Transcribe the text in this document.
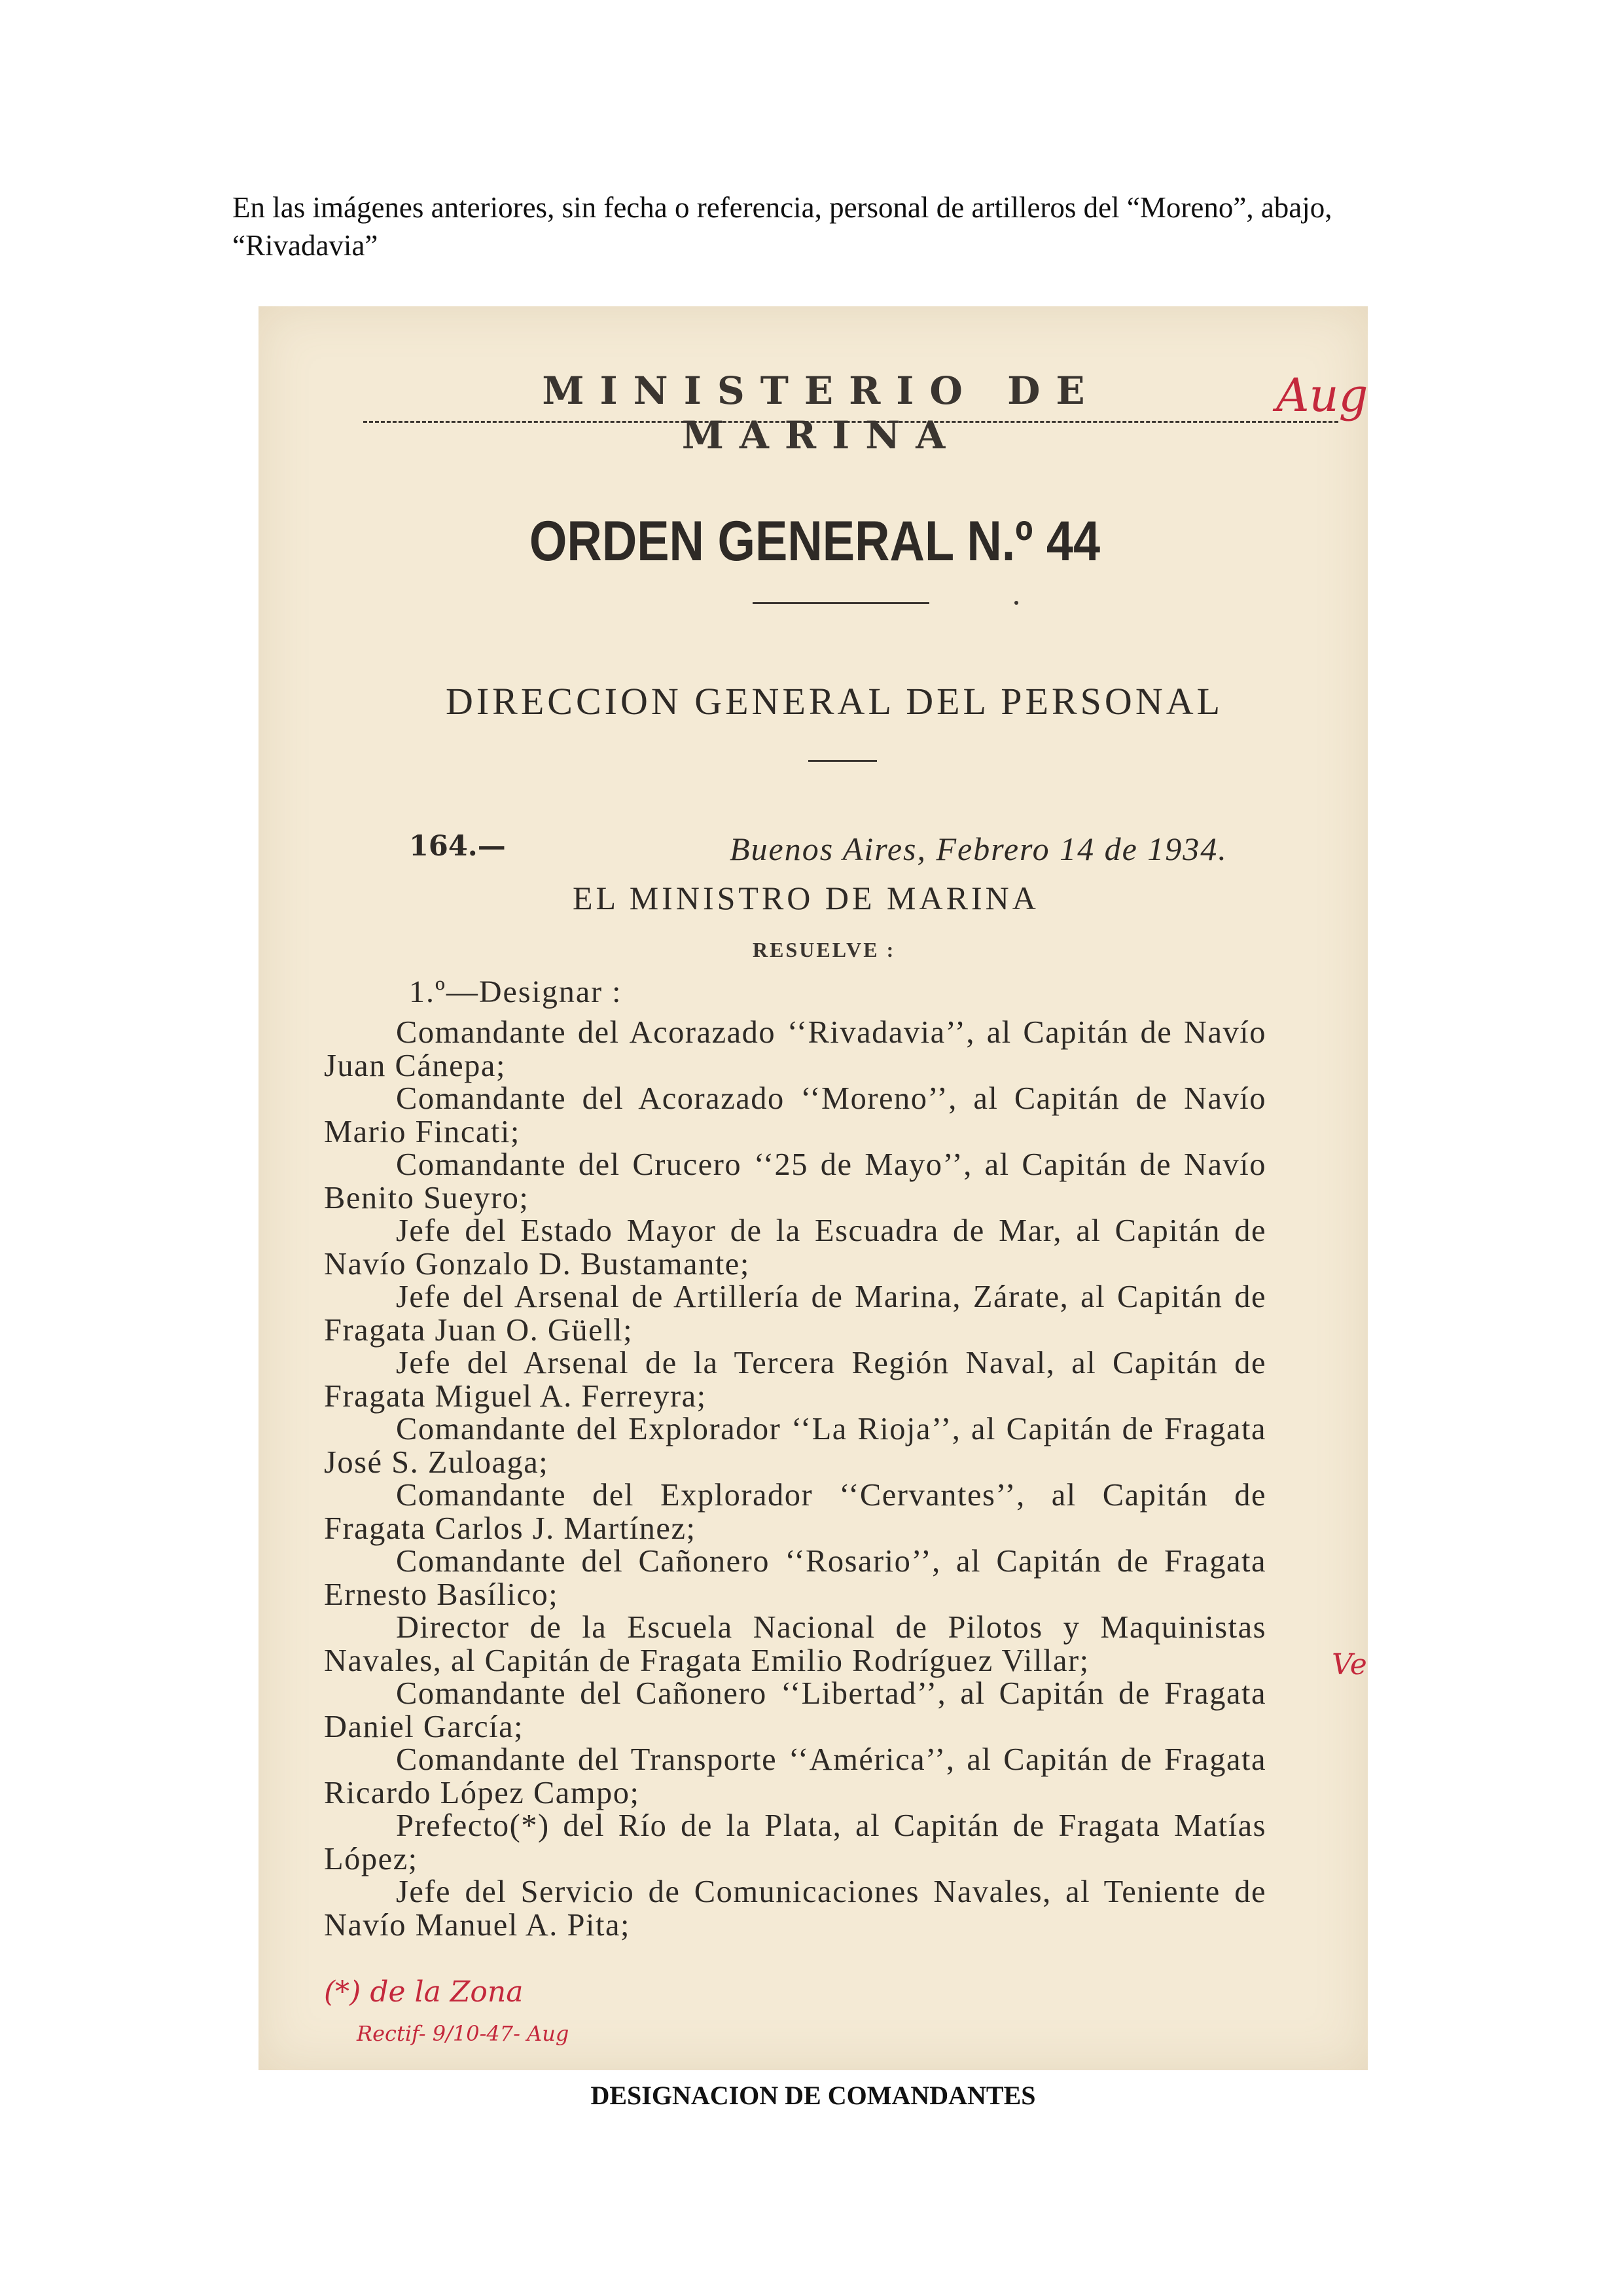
En las imágenes anteriores, sin fecha o referencia, personal de artilleros del “Moreno”, abajo, “Rivadavia”

MINISTERIO DE MARINA

Aug

ORDEN GENERAL N.º 44

DIRECCION GENERAL DEL PERSONAL

164.—	Buenos Aires, Febrero 14 de 1934.
EL MINISTRO DE MARINA
RESUELVE :
1.º—Designar :
Comandante del Acorazado ‘‘Rivadavia’’, al Capitán de Navío Juan Cánepa;
Comandante del Acorazado ‘‘Moreno’’, al Capitán de Navío Mario Fincati;
Comandante del Crucero ‘‘25 de Mayo’’, al Capitán de Navío Benito Sueyro;
Jefe del Estado Mayor de la Escuadra de Mar, al Capitán de Navío Gonzalo D. Bustamante;
Jefe del Arsenal de Artillería de Marina, Zárate, al Capitán de Fragata Juan O. Güell;
Jefe del Arsenal de la Tercera Región Naval, al Capitán de Fragata Miguel A. Ferreyra;
Comandante del Explorador ‘‘La Rioja’’, al Capitán de Fragata José S. Zuloaga;
Comandante del Explorador ‘‘Cervantes’’, al Capitán de Fragata Carlos J. Martínez;
Comandante del Cañonero ‘‘Rosario’’, al Capitán de Fragata Ernesto Basílico;
Director de la Escuela Nacional de Pilotos y Maquinistas Navales, al Capitán de Fragata Emilio Rodríguez Villar;
Comandante del Cañonero ‘‘Libertad’’, al Capitán de Fragata Daniel García;
Comandante del Transporte ‘‘América’’, al Capitán de Fragata Ricardo López Campo;
Prefecto(*) del Río de la Plata, al Capitán de Fragata Matías López;
Jefe del Servicio de Comunicaciones Navales, al Teniente de Navío Manuel A. Pita;
Ve
(*) de la Zona
Rectif- 9/10-47- Aug

DESIGNACION DE COMANDANTES
